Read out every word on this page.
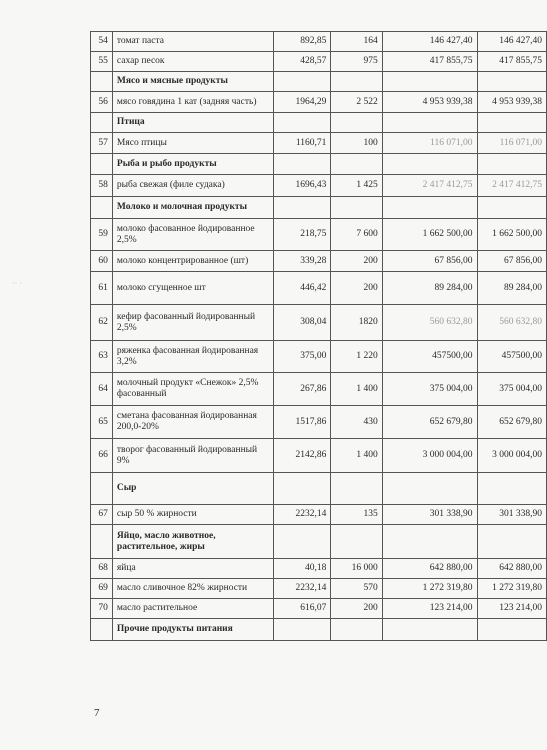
54	томат паста	892,85	164	146 427,40	146 427,40
55	сахар песок	428,57	975	417 855,75	417 855,75
	Мясо и мясные продукты				
56	мясо говядина 1 кат (задняя часть)	1964,29	2 522	4 953 939,38	4 953 939,38
	Птица				
57	Мясо птицы	1160,71	100	116 071,00	116 071,00
	Рыба и рыбо продукты				
58	рыба свежая (филе судака)	1696,43	1 425	2 417 412,75	2 417 412,75
	Молоко и молочная продукты				
59	молоко фасованное йодированное 2,5%	218,75	7 600	1 662 500,00	1 662 500,00
60	молоко концентрированное (шт)	339,28	200	67 856,00	67 856,00
61	молоко сгущенное шт	446,42	200	89 284,00	89 284,00
62	кефир фасованный йодированный 2,5%	308,04	1820	560 632,80	560 632,80
63	ряженка фасованная йодированная 3,2%	375,00	1 220	457500,00	457500,00
64	молочный продукт «Снежок» 2,5% фасованный	267,86	1 400	375 004,00	375 004,00
65	сметана фасованная йодированная 200,0-20%	1517,86	430	652 679,80	652 679,80
66	творог фасованный йодированный 9%	2142,86	1 400	3 000 004,00	3 000 004,00
	Сыр				
67	сыр 50 % жирности	2232,14	135	301 338,90	301 338,90
	Яйцо, масло животное, растительное, жиры				
68	яйца	40,18	16 000	642 880,00	642 880,00
69	масло сливочное 82% жирности	2232,14	570	1 272 319,80	1 272 319,80
70	масло растительное	616,07	200	123 214,00	123 214,00
	Прочие продукты питания				
·· ·
7
